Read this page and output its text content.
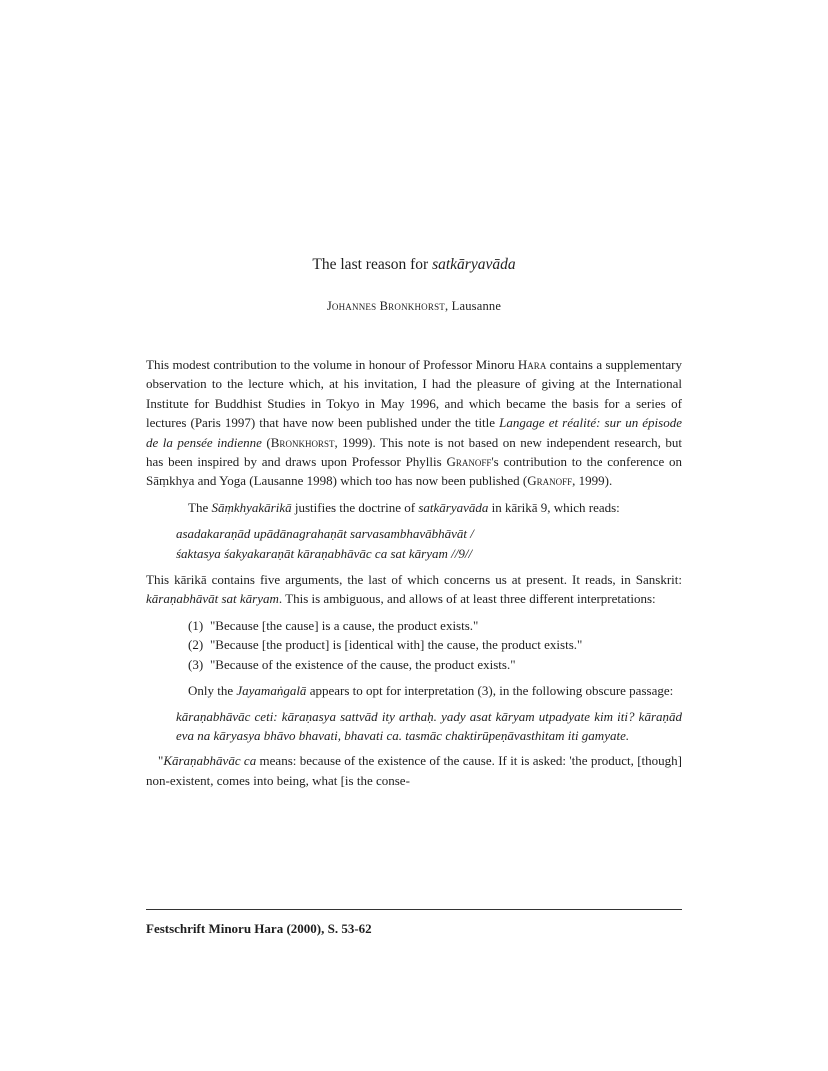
The last reason for satkāryavāda
Johannes Bronkhorst, Lausanne

This modest contribution to the volume in honour of Professor Minoru Hara contains a supplementary observation to the lecture which, at his invitation, I had the pleasure of giving at the International Institute for Buddhist Studies in Tokyo in May 1996, and which became the basis for a series of lectures (Paris 1997) that have now been published under the title Langage et réalité: sur un épisode de la pensée indienne (Bronkhorst, 1999). This note is not based on new independent research, but has been inspired by and draws upon Professor Phyllis Granoff's contribution to the conference on Sāṃkhya and Yoga (Lausanne 1998) which too has now been published (Granoff, 1999).

The Sāṃkhyakārikā justifies the doctrine of satkāryavāda in kārikā 9, which reads:

asadakaraṇād upādānagrahaṇāt sarvasambhavābhāvāt /
śaktasya śakyakaraṇāt kāraṇabhāvāc ca sat kāryam //9//

This kārikā contains five arguments, the last of which concerns us at present. It reads, in Sanskrit: kāraṇabhāvāt sat kāryam. This is ambiguous, and allows of at least three different interpretations:

(1) "Because [the cause] is a cause, the product exists."
(2) "Because [the product] is [identical with] the cause, the product exists."
(3) "Because of the existence of the cause, the product exists."

Only the Jayamaṅgalā appears to opt for interpretation (3), in the following obscure passage:

kāraṇabhāvāc ceti: kāraṇasya sattvād ity arthaḥ. yady asat kāryam utpadyate kim iti? kāraṇād eva na kāryasya bhāvo bhavati, bhavati ca. tasmāc chaktirūpeṇāvasthitam iti gamyate.

"Kāraṇabhāvāc ca means: because of the existence of the cause. If it is asked: 'the product, [though] non-existent, comes into being, what [is the conse-

Festschrift Minoru Hara (2000), S. 53-62
